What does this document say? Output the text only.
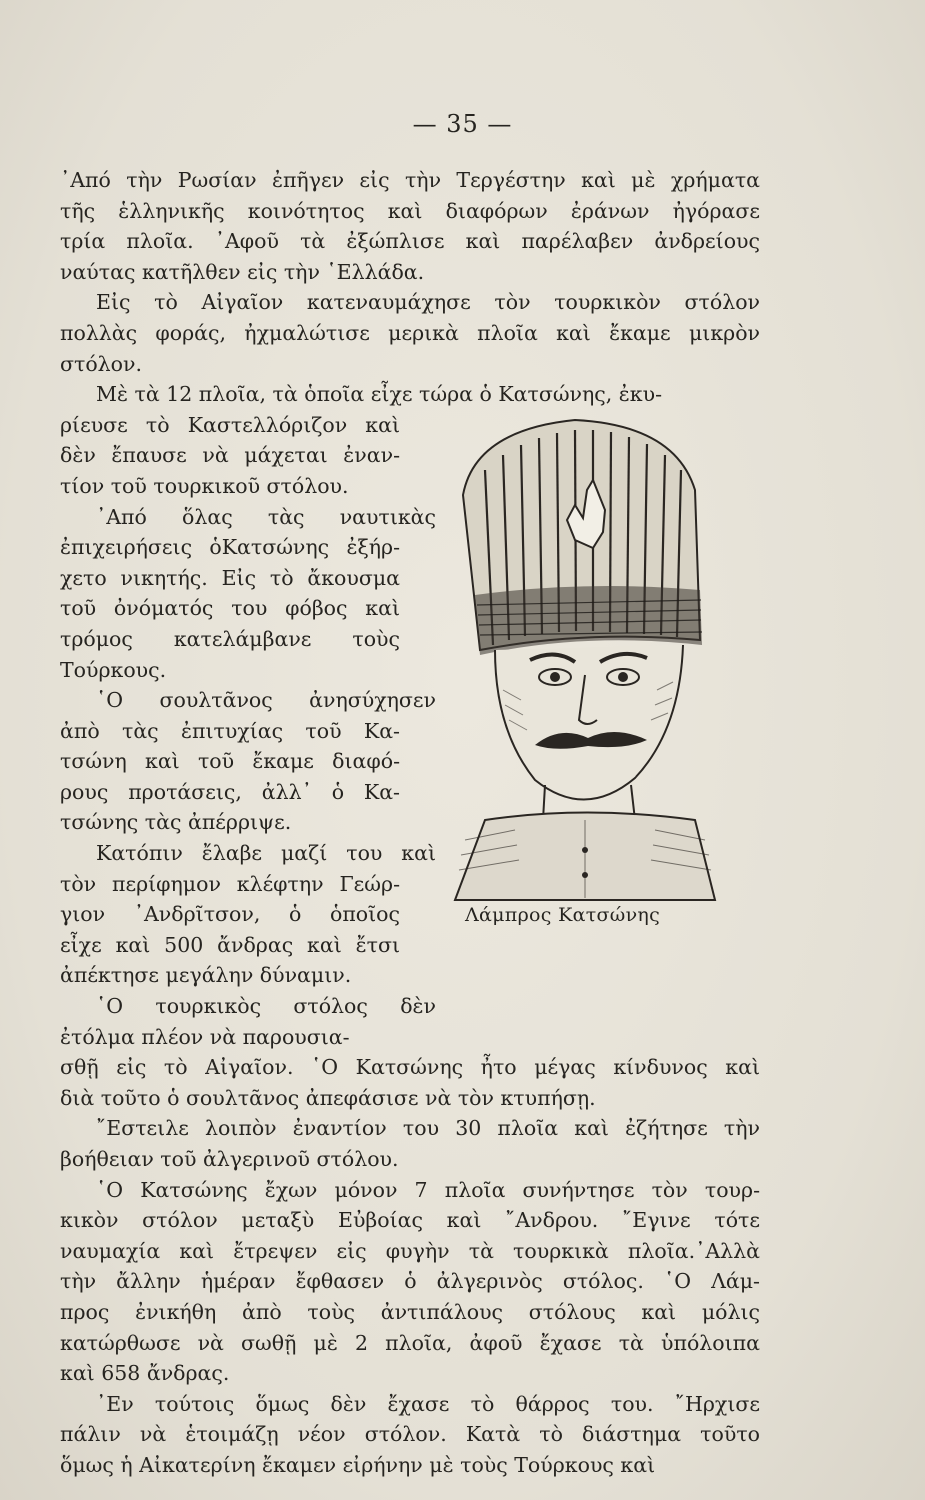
— 35 —
᾿Από τὴν Ρωσίαν ἐπῆγεν εἰς τὴν Τεργέστην καὶ μὲ χρήματα
τῆς ἑλληνικῆς κοινότητος καὶ διαφόρων ἐράνων ἠγόρασε
τρία πλοῖα. ᾿Αφοῦ τὰ ἐξώπλισε καὶ παρέλαβεν ἀνδρείους
ναύτας κατῆλθεν εἰς τὴν ῾Ελλάδα.
Εἰς τὸ Αἰγαῖον κατεναυμάχησε τὸν τουρκικὸν στόλον
πολλὰς φοράς, ἠχμαλώτισε μερικὰ πλοῖα καὶ ἔκαμε μικρὸν
στόλον.
Μὲ τὰ 12 πλοῖα, τὰ ὁποῖα εἶχε τώρα ὁ Κατσώνης, ἐκυ-
ρίευσε τὸ Καστελλόριζον καὶ
δὲν ἔπαυσε νὰ μάχεται ἐναν-
τίον τοῦ τουρκικοῦ στόλου.
᾿Από ὅλας τὰς ναυτικὰς
ἐπιχειρήσεις ὁΚατσώνης ἐξήρ-
χετο νικητής. Εἰς τὸ ἄκουσμα
τοῦ ὀνόματός του φόβος καὶ
τρόμος κατελάμβανε τοὺς
Τούρκους.
῾Ο σουλτᾶνος ἀνησύχησεν
ἀπὸ τὰς ἐπιτυχίας τοῦ Κα-
τσώνη καὶ τοῦ ἔκαμε διαφό-
ρους προτάσεις, ἀλλ᾿ ὁ Κα-
τσώνης τὰς ἀπέρριψε.
Κατόπιν ἔλαβε μαζί του καὶ
τὸν περίφημον κλέφτην Γεώρ-
γιον ᾿Ανδρῖτσον, ὁ ὁποῖος
εἶχε καὶ 500 ἄνδρας καὶ ἔτσι
ἀπέκτησε μεγάλην δύναμιν.
῾Ο τουρκικὸς στόλος δὲν
ἐτόλμα πλέον νὰ παρουσια-
σθῇ εἰς τὸ Αἰγαῖον. ῾Ο Κατσώνης ἦτο μέγας κίνδυνος καὶ
διὰ τοῦτο ὁ σουλτᾶνος ἀπεφάσισε νὰ τὸν κτυπήσῃ.
῎Εστειλε λοιπὸν ἐναντίον του 30 πλοῖα καὶ ἐζήτησε τὴν
βοήθειαν τοῦ ἀλγερινοῦ στόλου.
῾Ο Κατσώνης ἔχων μόνον 7 πλοῖα συνήντησε τὸν τουρ-
κικὸν στόλον μεταξὺ Εὐβοίας καὶ ῎Ανδρου. ῎Εγινε τότε
ναυμαχία καὶ ἔτρεψεν εἰς φυγὴν τὰ τουρκικὰ πλοῖα.᾿Αλλὰ
τὴν ἄλλην ἡμέραν ἔφθασεν ὁ ἀλγερινὸς στόλος. ῾Ο Λάμ-
προς ἐνικήθη ἀπὸ τοὺς ἀντιπάλους στόλους καὶ μόλις
κατώρθωσε νὰ σωθῇ μὲ 2 πλοῖα, ἀφοῦ ἔχασε τὰ ὑπόλοιπα
καὶ 658 ἄνδρας.
᾿Εν τούτοις ὅμως δὲν ἔχασε τὸ θάρρος του. ῎Ηρχισε
πάλιν νὰ ἑτοιμάζῃ νέον στόλον. Κατὰ τὸ διάστημα τοῦτο
ὅμως ἡ Αἰκατερίνη ἔκαμεν εἰρήνην μὲ τοὺς Τούρκους καὶ
Λάμπρος Κατσώνης
